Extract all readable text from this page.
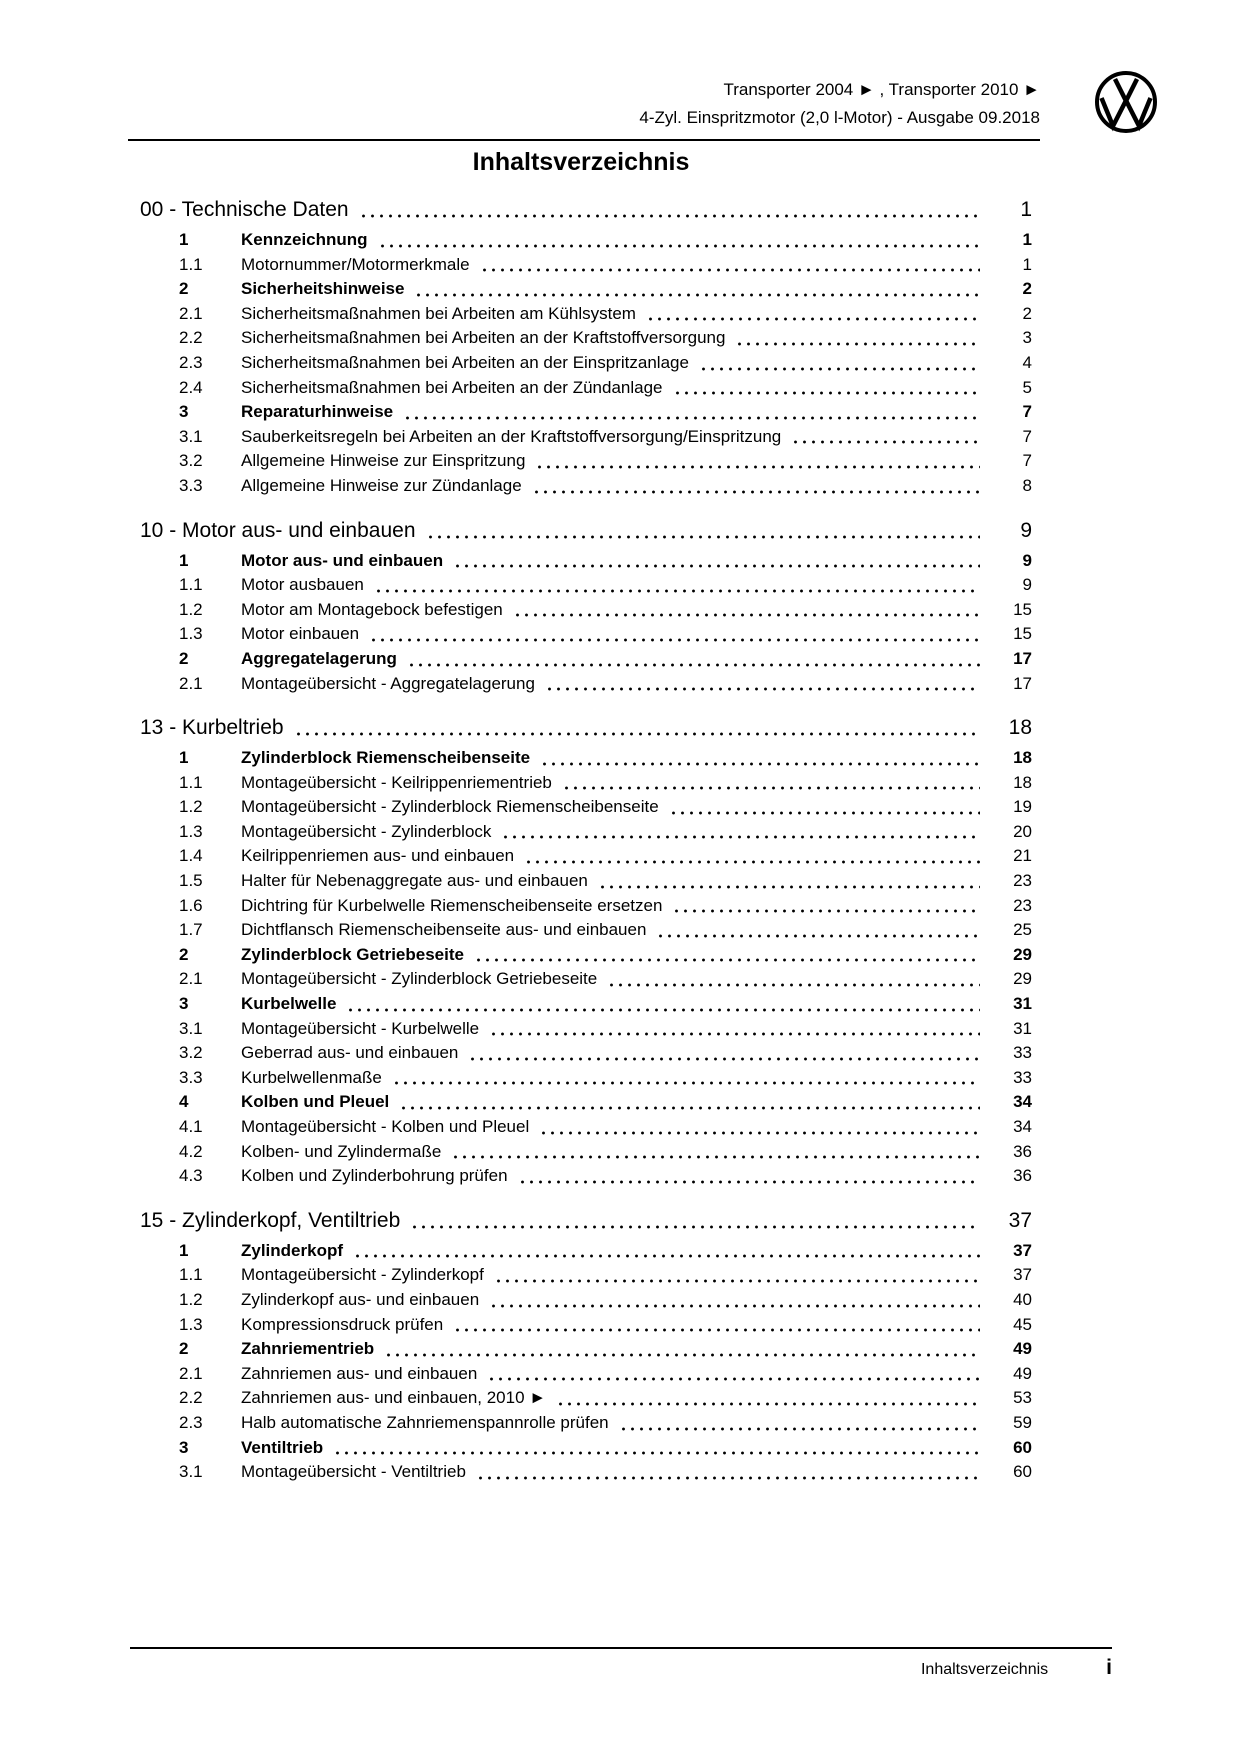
Transporter 2004 ► , Transporter 2010 ►
4-Zyl. Einspritzmotor (2,0 l-Motor) - Ausgabe 09.2018
Inhaltsverzeichnis
00 - Technische Daten	1
1	Kennzeichnung	1
1.1	Motornummer/Motormerkmale	1
2	Sicherheitshinweise	2
2.1	Sicherheitsmaßnahmen bei Arbeiten am Kühlsystem	2
2.2	Sicherheitsmaßnahmen bei Arbeiten an der Kraftstoffversorgung	3
2.3	Sicherheitsmaßnahmen bei Arbeiten an der Einspritzanlage	4
2.4	Sicherheitsmaßnahmen bei Arbeiten an der Zündanlage	5
3	Reparaturhinweise	7
3.1	Sauberkeitsregeln bei Arbeiten an der Kraftstoffversorgung/Einspritzung	7
3.2	Allgemeine Hinweise zur Einspritzung	7
3.3	Allgemeine Hinweise zur Zündanlage	8
10 - Motor aus- und einbauen	9
1	Motor aus- und einbauen	9
1.1	Motor ausbauen	9
1.2	Motor am Montagebock befestigen	15
1.3	Motor einbauen	15
2	Aggregatelagerung	17
2.1	Montageübersicht - Aggregatelagerung	17
13 - Kurbeltrieb	18
1	Zylinderblock Riemenscheibenseite	18
1.1	Montageübersicht - Keilrippenriementrieb	18
1.2	Montageübersicht - Zylinderblock Riemenscheibenseite	19
1.3	Montageübersicht - Zylinderblock	20
1.4	Keilrippenriemen aus- und einbauen	21
1.5	Halter für Nebenaggregate aus- und einbauen	23
1.6	Dichtring für Kurbelwelle Riemenscheibenseite ersetzen	23
1.7	Dichtflansch Riemenscheibenseite aus- und einbauen	25
2	Zylinderblock Getriebeseite	29
2.1	Montageübersicht - Zylinderblock Getriebeseite	29
3	Kurbelwelle	31
3.1	Montageübersicht - Kurbelwelle	31
3.2	Geberrad aus- und einbauen	33
3.3	Kurbelwellenmaße	33
4	Kolben und Pleuel	34
4.1	Montageübersicht - Kolben und Pleuel	34
4.2	Kolben- und Zylindermaße	36
4.3	Kolben und Zylinderbohrung prüfen	36
15 - Zylinderkopf, Ventiltrieb	37
1	Zylinderkopf	37
1.1	Montageübersicht - Zylinderkopf	37
1.2	Zylinderkopf aus- und einbauen	40
1.3	Kompressionsdruck prüfen	45
2	Zahnriementrieb	49
2.1	Zahnriemen aus- und einbauen	49
2.2	Zahnriemen aus- und einbauen, 2010 ►	53
2.3	Halb automatische Zahnriemenspannrolle prüfen	59
3	Ventiltrieb	60
3.1	Montageübersicht - Ventiltrieb	60
Inhaltsverzeichnis	i
